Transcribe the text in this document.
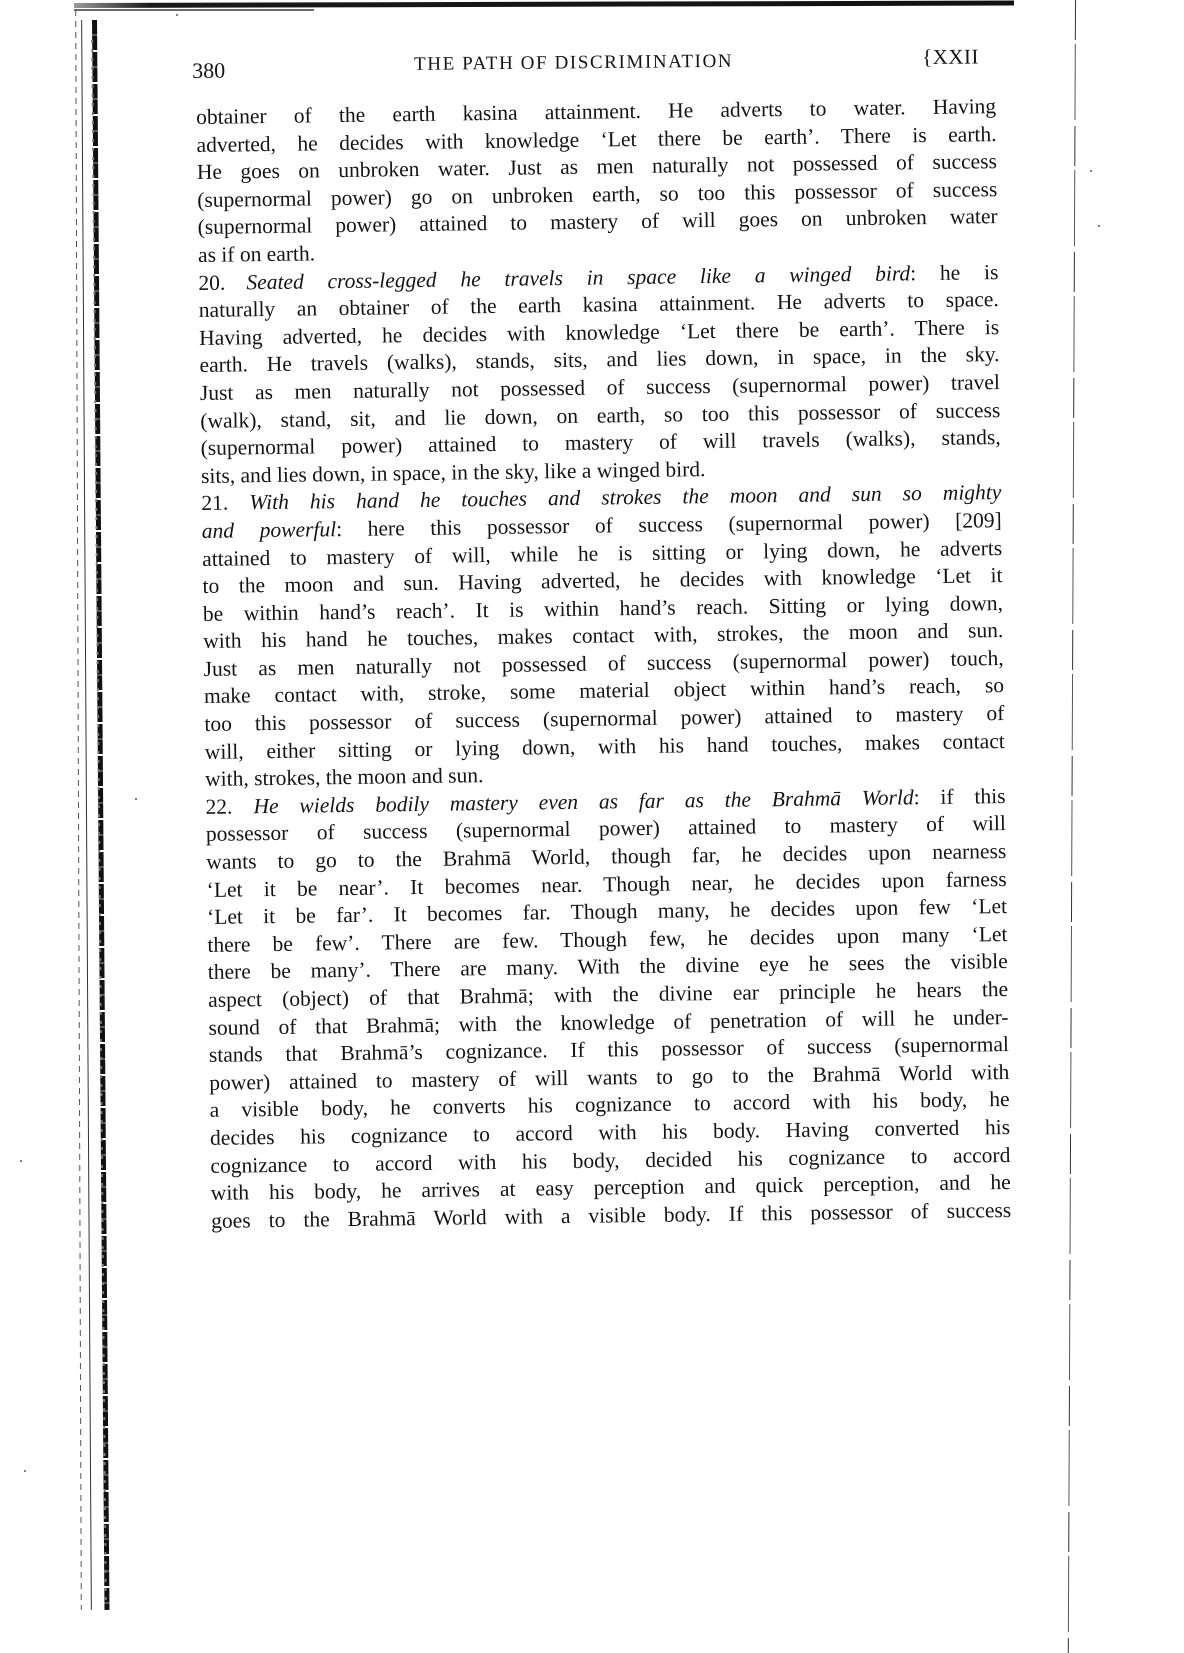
380	THE PATH OF DISCRIMINATION	{XXII
obtainer of the earth kasina attainment. He adverts to water. Having
adverted, he decides with knowledge ‘Let there be earth’. There is earth.
He goes on unbroken water. Just as men naturally not possessed of success
(supernormal power) go on unbroken earth, so too this possessor of success
(supernormal power) attained to mastery of will goes on unbroken water
as if on earth.
20. Seated cross-legged he travels in space like a winged bird: he is
naturally an obtainer of the earth kasina attainment. He adverts to space.
Having adverted, he decides with knowledge ‘Let there be earth’. There is
earth. He travels (walks), stands, sits, and lies down, in space, in the sky.
Just as men naturally not possessed of success (supernormal power) travel
(walk), stand, sit, and lie down, on earth, so too this possessor of success
(supernormal power) attained to mastery of will travels (walks), stands,
sits, and lies down, in space, in the sky, like a winged bird.
21. With his hand he touches and strokes the moon and sun so mighty
and powerful: here this possessor of success (supernormal power) [209]
attained to mastery of will, while he is sitting or lying down, he adverts
to the moon and sun. Having adverted, he decides with knowledge ‘Let it
be within hand’s reach’. It is within hand’s reach. Sitting or lying down,
with his hand he touches, makes contact with, strokes, the moon and sun.
Just as men naturally not possessed of success (supernormal power) touch,
make contact with, stroke, some material object within hand’s reach, so
too this possessor of success (supernormal power) attained to mastery of
will, either sitting or lying down, with his hand touches, makes contact
with, strokes, the moon and sun.
22. He wields bodily mastery even as far as the Brahmā World: if this
possessor of success (supernormal power) attained to mastery of will
wants to go to the Brahmā World, though far, he decides upon nearness
‘Let it be near’. It becomes near. Though near, he decides upon farness
‘Let it be far’. It becomes far. Though many, he decides upon few ‘Let
there be few’. There are few. Though few, he decides upon many ‘Let
there be many’. There are many. With the divine eye he sees the visible
aspect (object) of that Brahmā; with the divine ear principle he hears the
sound of that Brahmā; with the knowledge of penetration of will he under-
stands that Brahmā’s cognizance. If this possessor of success (supernormal
power) attained to mastery of will wants to go to the Brahmā World with
a visible body, he converts his cognizance to accord with his body, he
decides his cognizance to accord with his body. Having converted his
cognizance to accord with his body, decided his cognizance to accord
with his body, he arrives at easy perception and quick perception, and he
goes to the Brahmā World with a visible body. If this possessor of success
